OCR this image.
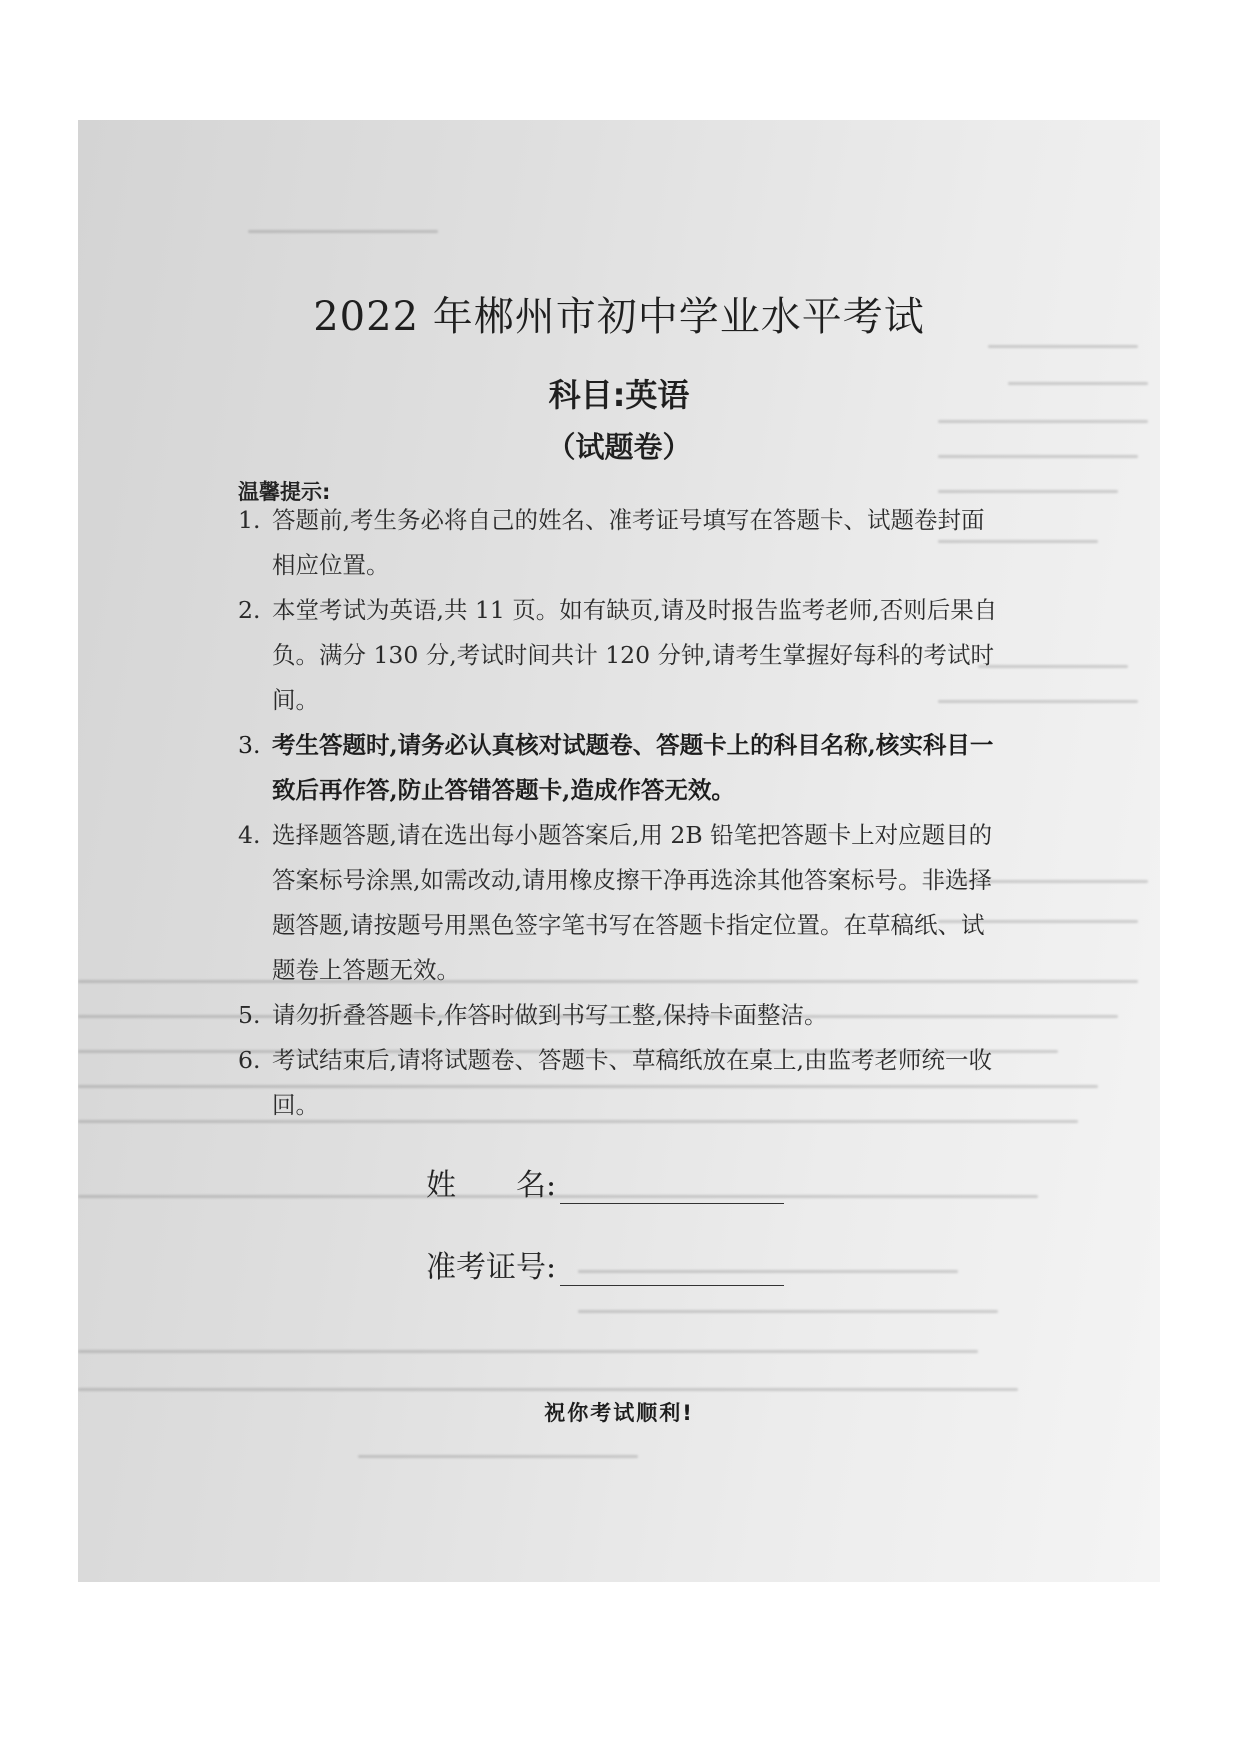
2022 年郴州市初中学业水平考试
科目:英语
（试题卷）
温馨提示:
1. 答题前,考生务必将自己的姓名、准考证号填写在答题卡、试题卷封面相应位置。
2. 本堂考试为英语,共 11 页。如有缺页,请及时报告监考老师,否则后果自负。满分 130 分,考试时间共计 120 分钟,请考生掌握好每科的考试时间。
3. 考生答题时,请务必认真核对试题卷、答题卡上的科目名称,核实科目一致后再作答,防止答错答题卡,造成作答无效。
4. 选择题答题,请在选出每小题答案后,用 2B 铅笔把答题卡上对应题目的答案标号涂黑,如需改动,请用橡皮擦干净再选涂其他答案标号。非选择题答题,请按题号用黑色签字笔书写在答题卡指定位置。在草稿纸、试题卷上答题无效。
5. 请勿折叠答题卡,作答时做到书写工整,保持卡面整洁。
6. 考试结束后,请将试题卷、答题卡、草稿纸放在桌上,由监考老师统一收回。
姓　　名:
准考证号:
祝你考试顺利!
